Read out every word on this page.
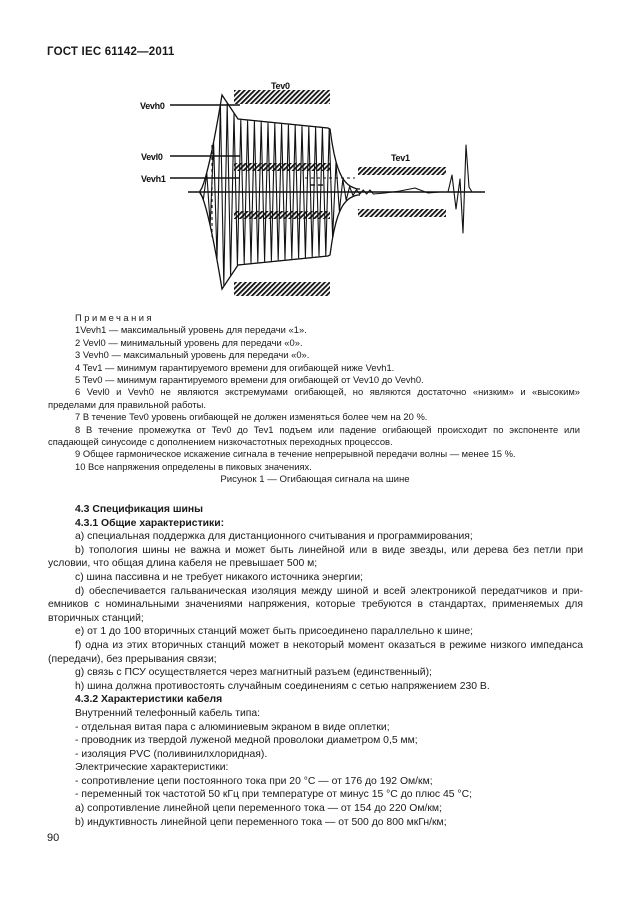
ГОСТ IEC 61142—2011
Tev0
Tev1
Vevh0
Vevl0
Vevh1
Примечания
1Vevh1 — максимальный уровень для передачи «1».
2 Vevl0 — минимальный уровень для передачи «0».
3 Vevh0 — максимальный уровень для передачи «0».
4 Tev1 — минимум гарантируемого времени для огибающей ниже Vevh1.
5 Tev0 — минимум гарантируемого времени для огибающей от Vev10 до Vevh0.
6 Vevl0 и Vevh0 не являются экстремумами огибающей, но являются достаточно «низким» и «высоким»
пределами для правильной работы.
7 В течение Tev0 уровень огибающей не должен изменяться более чем на 20 %.
8 В течение промежутка от Tev0 до Tev1 подъем или падение огибающей происходит по экспоненте или
спадающей синусоиде с дополнением низкочастотных переходных процессов.
9 Общее гармоническое искажение сигнала в течение непрерывной передачи волны — менее 15 %.
10 Все напряжения определены в пиковых значениях.
Рисунок 1 — Огибающая сигнала на шине
4.3 Спецификация шины
4.3.1 Общие характеристики:
а) специальная поддержка для дистанционного считывания и программирования;
b) топология шины не важна и может быть линейной или в виде звезды, или дерева без петли при
условии, что общая длина кабеля не превышает 500 м;
с) шина пассивна и не требует никакого источника энергии;
d) обеспечивается гальваническая изоляция между шиной и всей электроникой передатчиков и при-
емников с номинальными значениями напряжения, которые требуются в стандартах, применяемых для
вторичных станций;
е) от 1 до 100 вторичных станций может быть присоединено параллельно к шине;
f) одна из этих вторичных станций может в некоторый момент оказаться в режиме низкого импеданса
(передачи), без прерывания связи;
g) связь с ПСУ осуществляется через магнитный разъем (единственный);
h) шина должна противостоять случайным соединениям с сетью напряжением 230 В.
4.3.2 Характеристики кабеля
Внутренний телефонный кабель типа:
- отдельная витая пара с алюминиевым экраном в виде оплетки;
- проводник из твердой луженой медной проволоки диаметром 0,5 мм;
- изоляция PVC (поливинилхлоридная).
Электрические характеристики:
- сопротивление цепи постоянного тока при 20 °С — от 176 до 192 Ом/км;
- переменный ток частотой 50 кГц при температуре от минус 15 °С до плюс 45 °С;
а) сопротивление линейной цепи переменного тока — от 154 до 220 Ом/км;
b) индуктивность линейной цепи переменного тока — от 500 до 800 мкГн/км;
90
